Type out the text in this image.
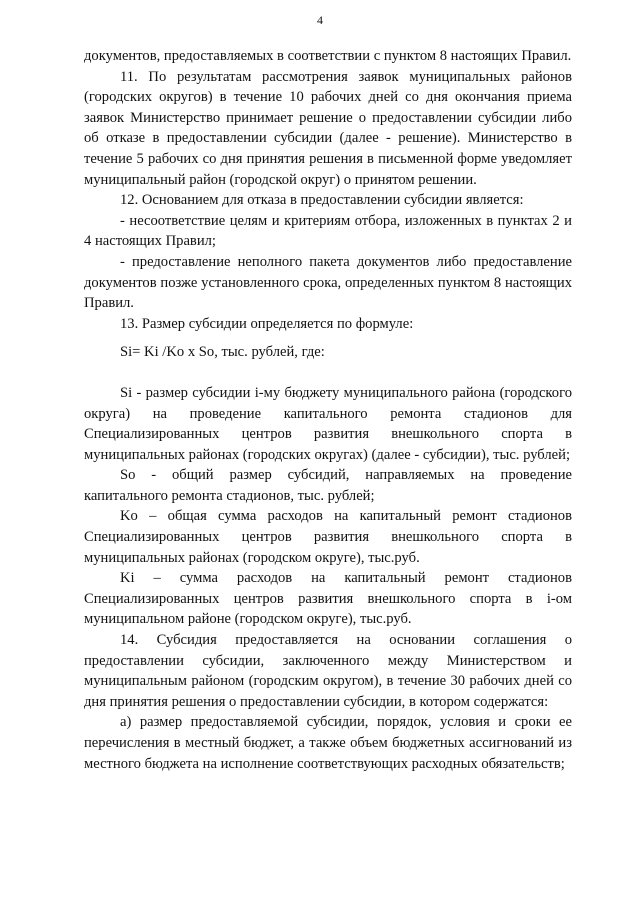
4

документов, предоставляемых в соответствии с пунктом 8 настоящих Правил.

11. По результатам рассмотрения заявок муниципальных районов (городских округов) в течение 10 рабочих дней со дня окончания приема заявок Министерство принимает решение о предоставлении субсидии либо об отказе в предоставлении субсидии (далее - решение). Министерство в течение 5 рабочих со дня принятия решения в письменной форме уведомляет муниципальный район (городской округ) о принятом решении.

12. Основанием для отказа в предоставлении субсидии является:

- несоответствие целям и критериям отбора, изложенных в пунктах 2 и 4 настоящих Правил;

- предоставление неполного пакета документов либо предоставление документов позже установленного срока, определенных пунктом 8 настоящих Правил.

13. Размер субсидии определяется по формуле:

Si= Ki /Ko x So, тыс. рублей, где:

Si - размер субсидии i-му бюджету муниципального района (городского округа) на проведение капитального ремонта стадионов для Специализированных центров развития внешкольного спорта в муниципальных районах (городских округах) (далее - субсидии), тыс. рублей;

So - общий размер субсидий, направляемых на проведение капитального ремонта стадионов, тыс. рублей;

Ko – общая сумма расходов на капитальный ремонт стадионов Специализированных центров развития внешкольного спорта в муниципальных районах (городском округе), тыс.руб.

Ki – сумма расходов на капитальный ремонт стадионов Специализированных центров развития внешкольного спорта в i-ом муниципальном районе (городском округе), тыс.руб.

14. Субсидия предоставляется на основании соглашения о предоставлении субсидии, заключенного между Министерством и муниципальным районом (городским округом), в течение 30 рабочих дней со дня принятия решения о предоставлении субсидии, в котором содержатся:

а) размер предоставляемой субсидии, порядок, условия и сроки ее перечисления в местный бюджет, а также объем бюджетных ассигнований из местного бюджета на исполнение соответствующих расходных обязательств;
